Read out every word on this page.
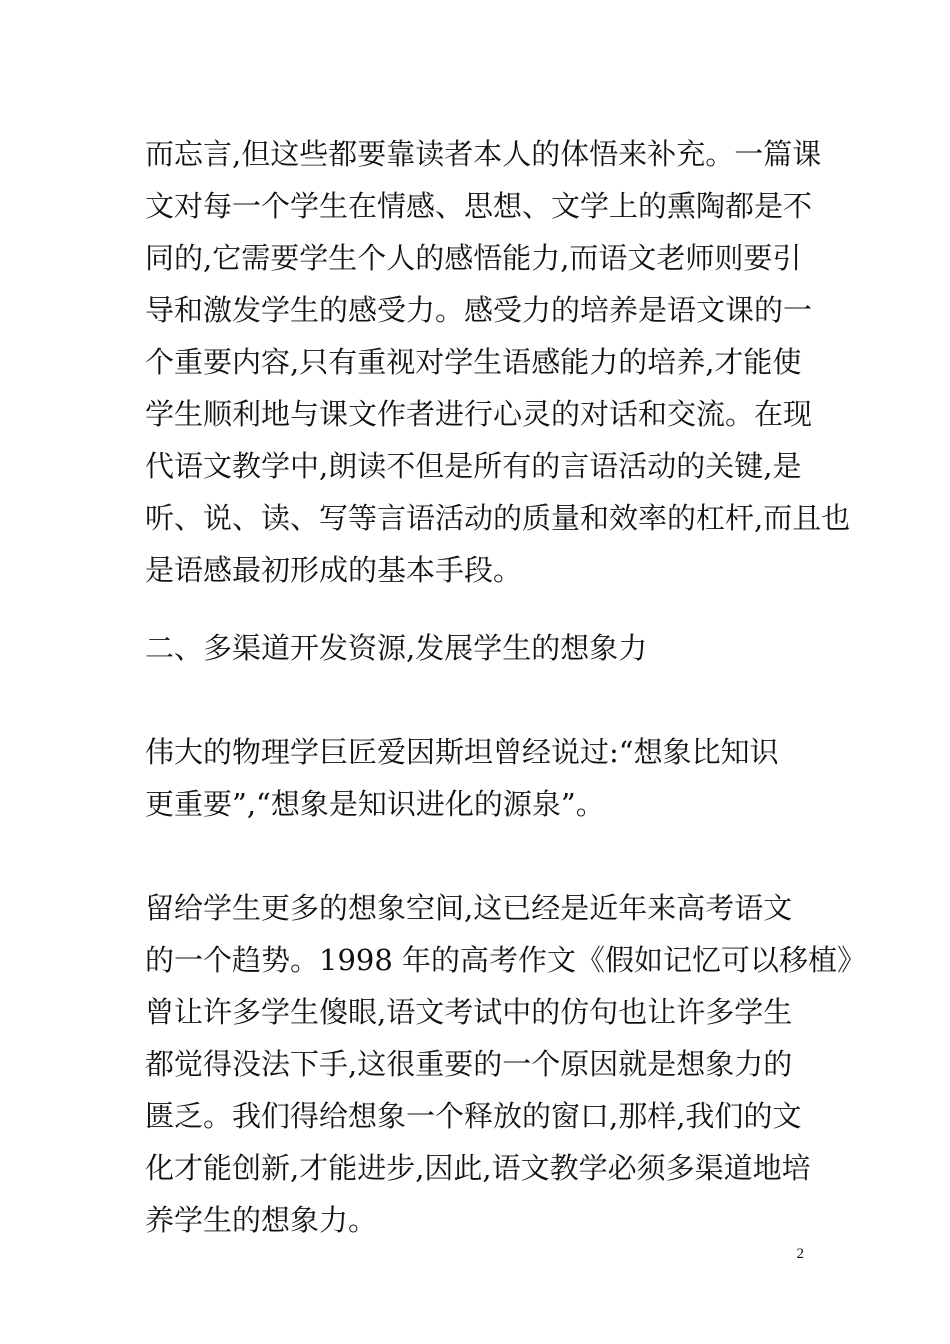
而忘言,但这些都要靠读者本人的体悟来补充。一篇课
文对每一个学生在情感、思想、文学上的熏陶都是不
同的,它需要学生个人的感悟能力,而语文老师则要引
导和激发学生的感受力。感受力的培养是语文课的一
个重要内容,只有重视对学生语感能力的培养,才能使
学生顺利地与课文作者进行心灵的对话和交流。在现
代语文教学中,朗读不但是所有的言语活动的关键,是
听、说、读、写等言语活动的质量和效率的杠杆,而且也
是语感最初形成的基本手段。

二、多渠道开发资源,发展学生的想象力

伟大的物理学巨匠爱因斯坦曾经说过:“想象比知识
更重要”,“想象是知识进化的源泉”。

留给学生更多的想象空间,这已经是近年来高考语文
的一个趋势。1998 年的高考作文《假如记忆可以移植》
曾让许多学生傻眼,语文考试中的仿句也让许多学生
都觉得没法下手,这很重要的一个原因就是想象力的
匮乏。我们得给想象一个释放的窗口,那样,我们的文
化才能创新,才能进步,因此,语文教学必须多渠道地培
养学生的想象力。

2
